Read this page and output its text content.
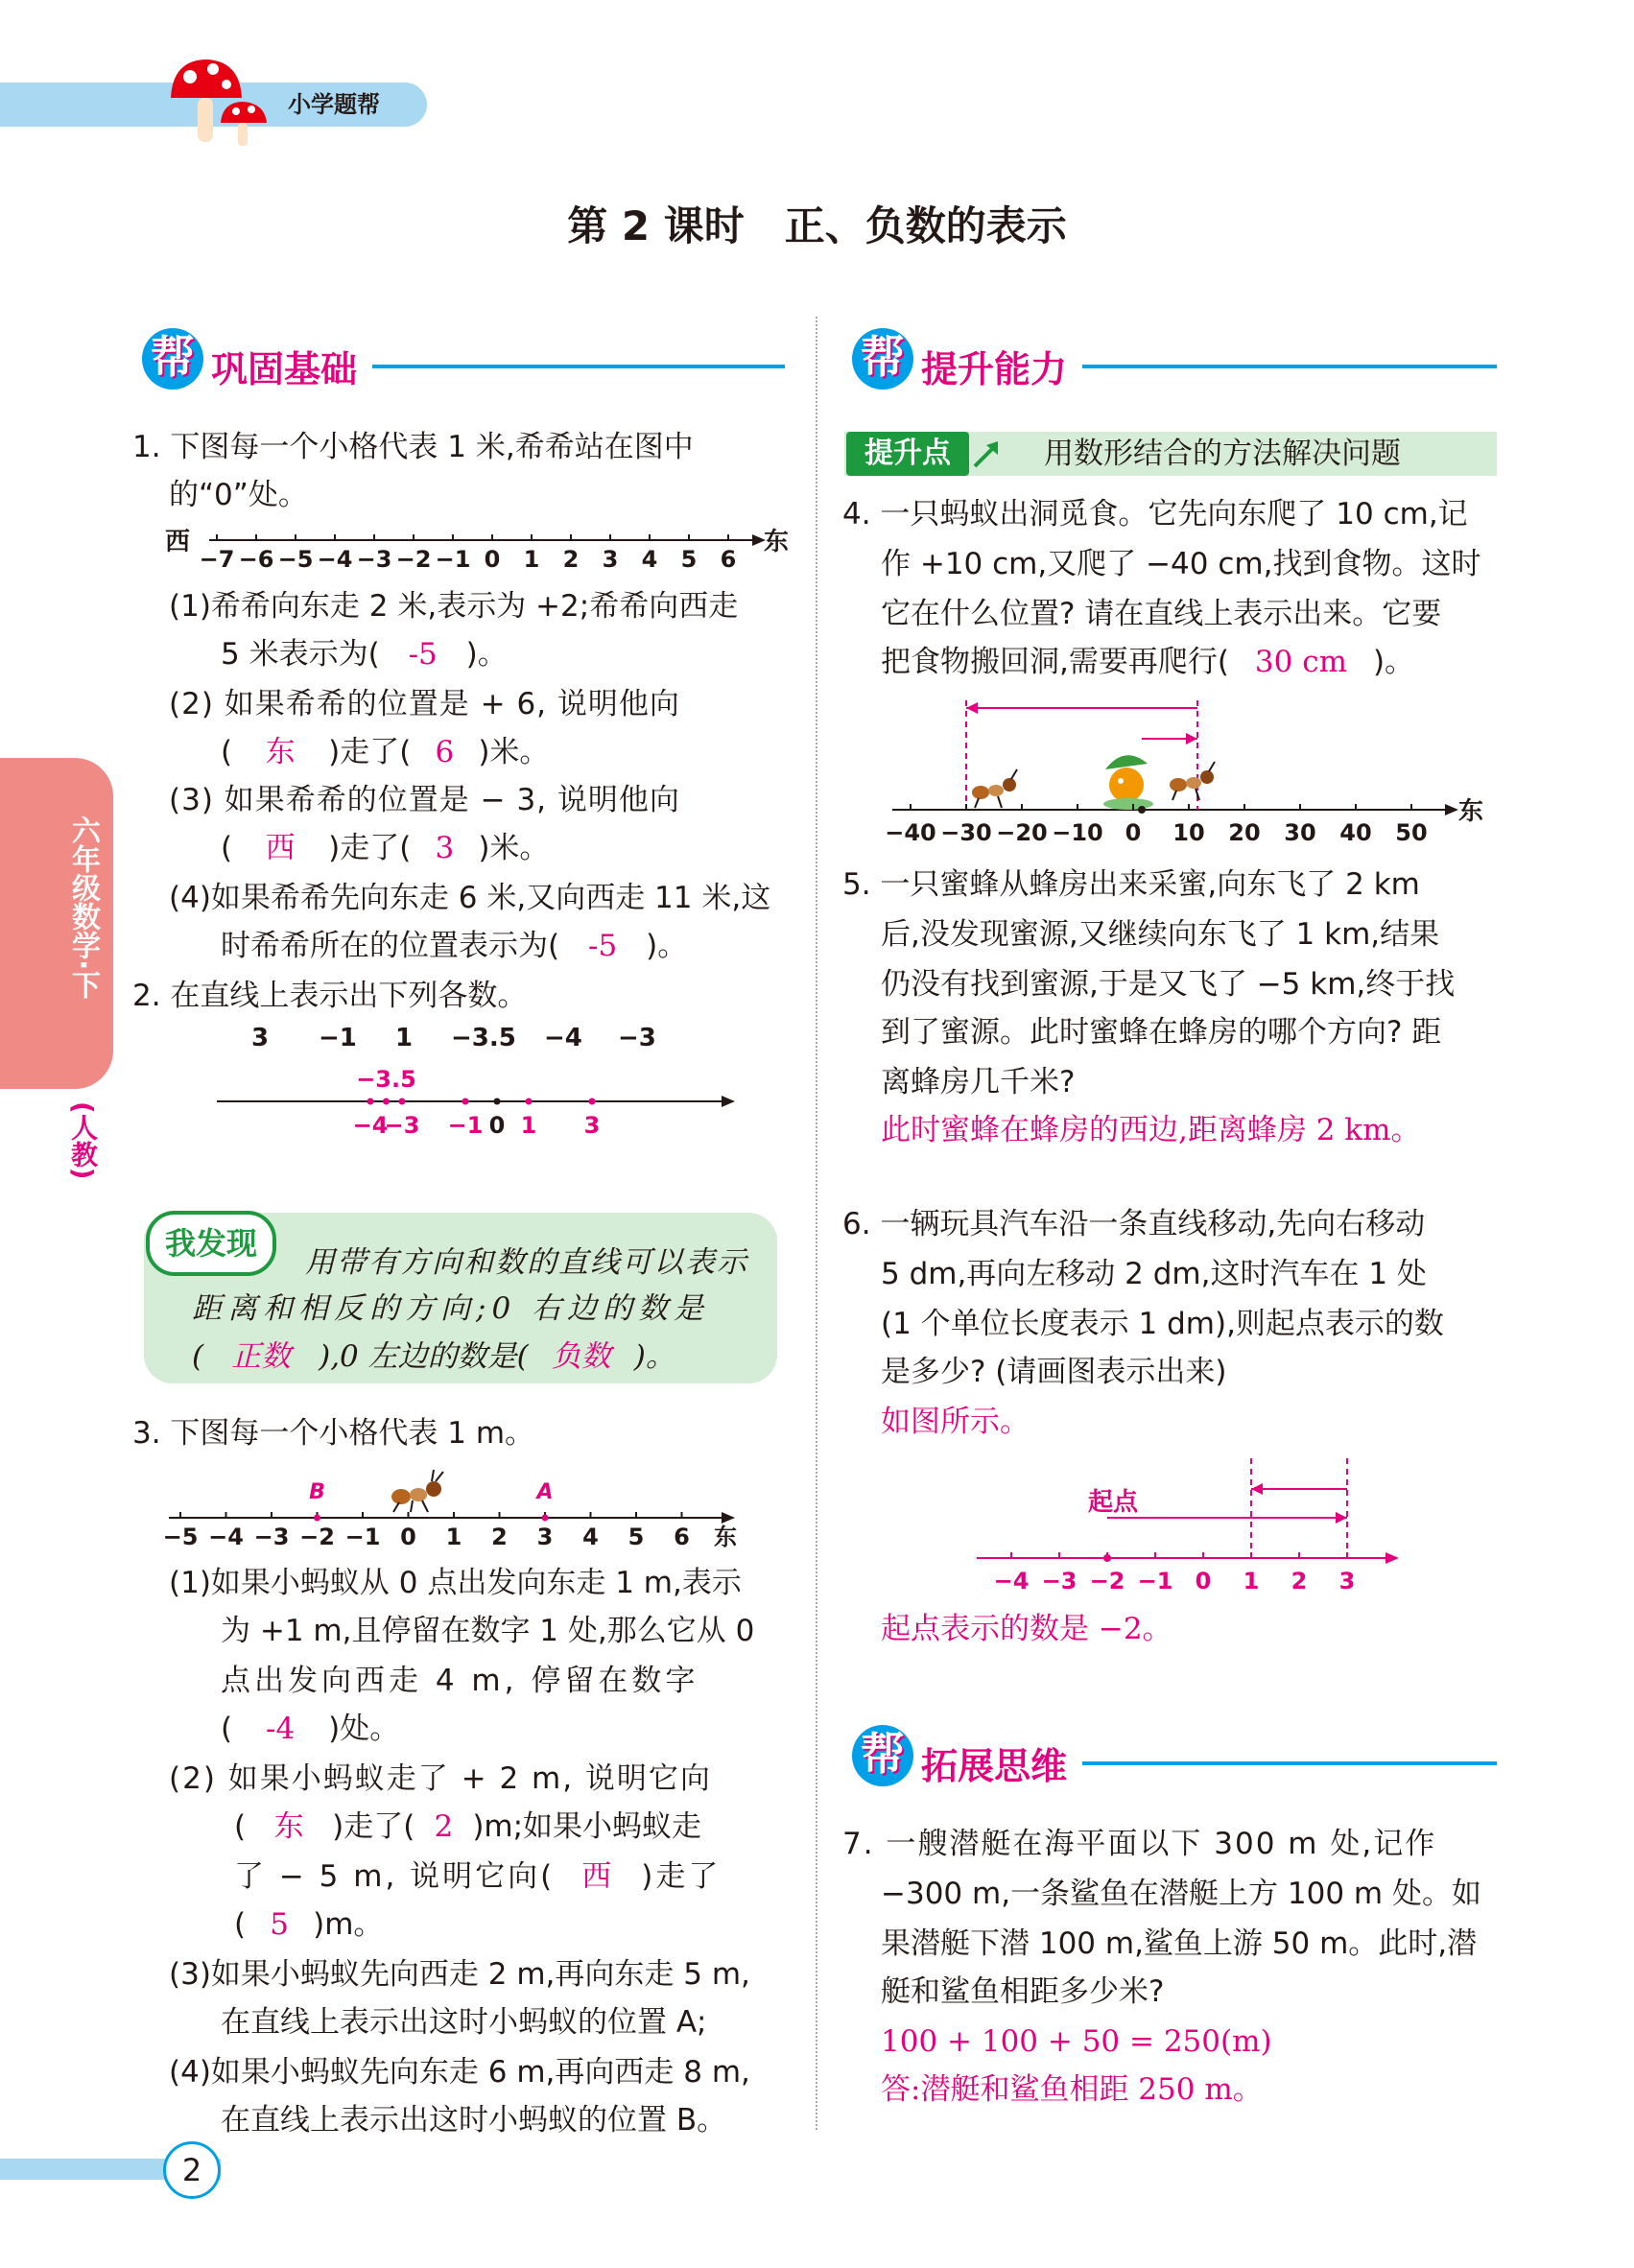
小学题帮
第 2 课时　正、负数的表示
六年级数学·下
(人教)
帮 巩固基础
1. 下图每一个小格代表 1 米,希希站在图中
的“0”处。
西	东
−7 −6 −5 −4 −3 −2 −1 0 1 2 3 4 5 6
(1)希希向东走 2 米,表示为 +2;希希向西走
5 米表示为( -5 )。
(2) 如果希希的位置是 + 6, 说明他向
( 东 )走了( 6 )米。
(3) 如果希希的位置是 − 3, 说明他向
( 西 )走了( 3 )米。
(4)如果希希先向东走 6 米,又向西走 11 米,这
时希希所在的位置表示为( -5 )。
2. 在直线上表示出下列各数。
3 −1 1 −3.5 −4 −3
−3.5
−4
−3 −1 0 1 3
我发现
用带有方向和数的直线可以表示
距离和相反的方向;0 右边的数是
( 正数 ),0 左边的数是( 负数 )。
3. 下图每一个小格代表 1 m。
−5 −4 −3 −2 −1 0 1 2 3 4 5 6 东
A
B
(1)如果小蚂蚁从 0 点出发向东走 1 m,表示
为 +1 m,且停留在数字 1 处,那么它从 0
点出发向西走 4 m, 停留在数字
( -4 )处。
(2) 如果小蚂蚁走了 + 2 m, 说明它向
( 东 )走了( 2 )m;如果小蚂蚁走
了 − 5 m, 说明它向( 西 )走了
( 5 )m。
(3)如果小蚂蚁先向西走 2 m,再向东走 5 m,
在直线上表示出这时小蚂蚁的位置 A;
(4)如果小蚂蚁先向东走 6 m,再向西走 8 m,
在直线上表示出这时小蚂蚁的位置 B。
帮 提升能力
提升点	用数形结合的方法解决问题
4. 一只蚂蚁出洞觅食。它先向东爬了 10 cm,记
作 +10 cm,又爬了 −40 cm,找到食物。这时
它在什么位置? 请在直线上表示出来。它要
把食物搬回洞,需要再爬行( 30 cm )。
东
−40 −30 −20 −10 0 10 20 30 40 50
5. 一只蜜蜂从蜂房出来采蜜,向东飞了 2 km
后,没发现蜜源,又继续向东飞了 1 km,结果
仍没有找到蜜源,于是又飞了 −5 km,终于找
到了蜜源。此时蜜蜂在蜂房的哪个方向? 距
离蜂房几千米?
此时蜜蜂在蜂房的西边,距离蜂房 2 km。
6. 一辆玩具汽车沿一条直线移动,先向右移动
5 dm,再向左移动 2 dm,这时汽车在 1 处
(1 个单位长度表示 1 dm),则起点表示的数
是多少? (请画图表示出来)
如图所示。
起点
−4 −3 −2 −1 0 1 2 3
起点表示的数是 −2。
帮 拓展思维
7. 一艘潜艇在海平面以下 300 m 处,记作
−300 m,一条鲨鱼在潜艇上方 100 m 处。如
果潜艇下潜 100 m,鲨鱼上游 50 m。此时,潜
艇和鲨鱼相距多少米?
100 + 100 + 50 = 250(m)
答:潜艇和鲨鱼相距 250 m。
2
